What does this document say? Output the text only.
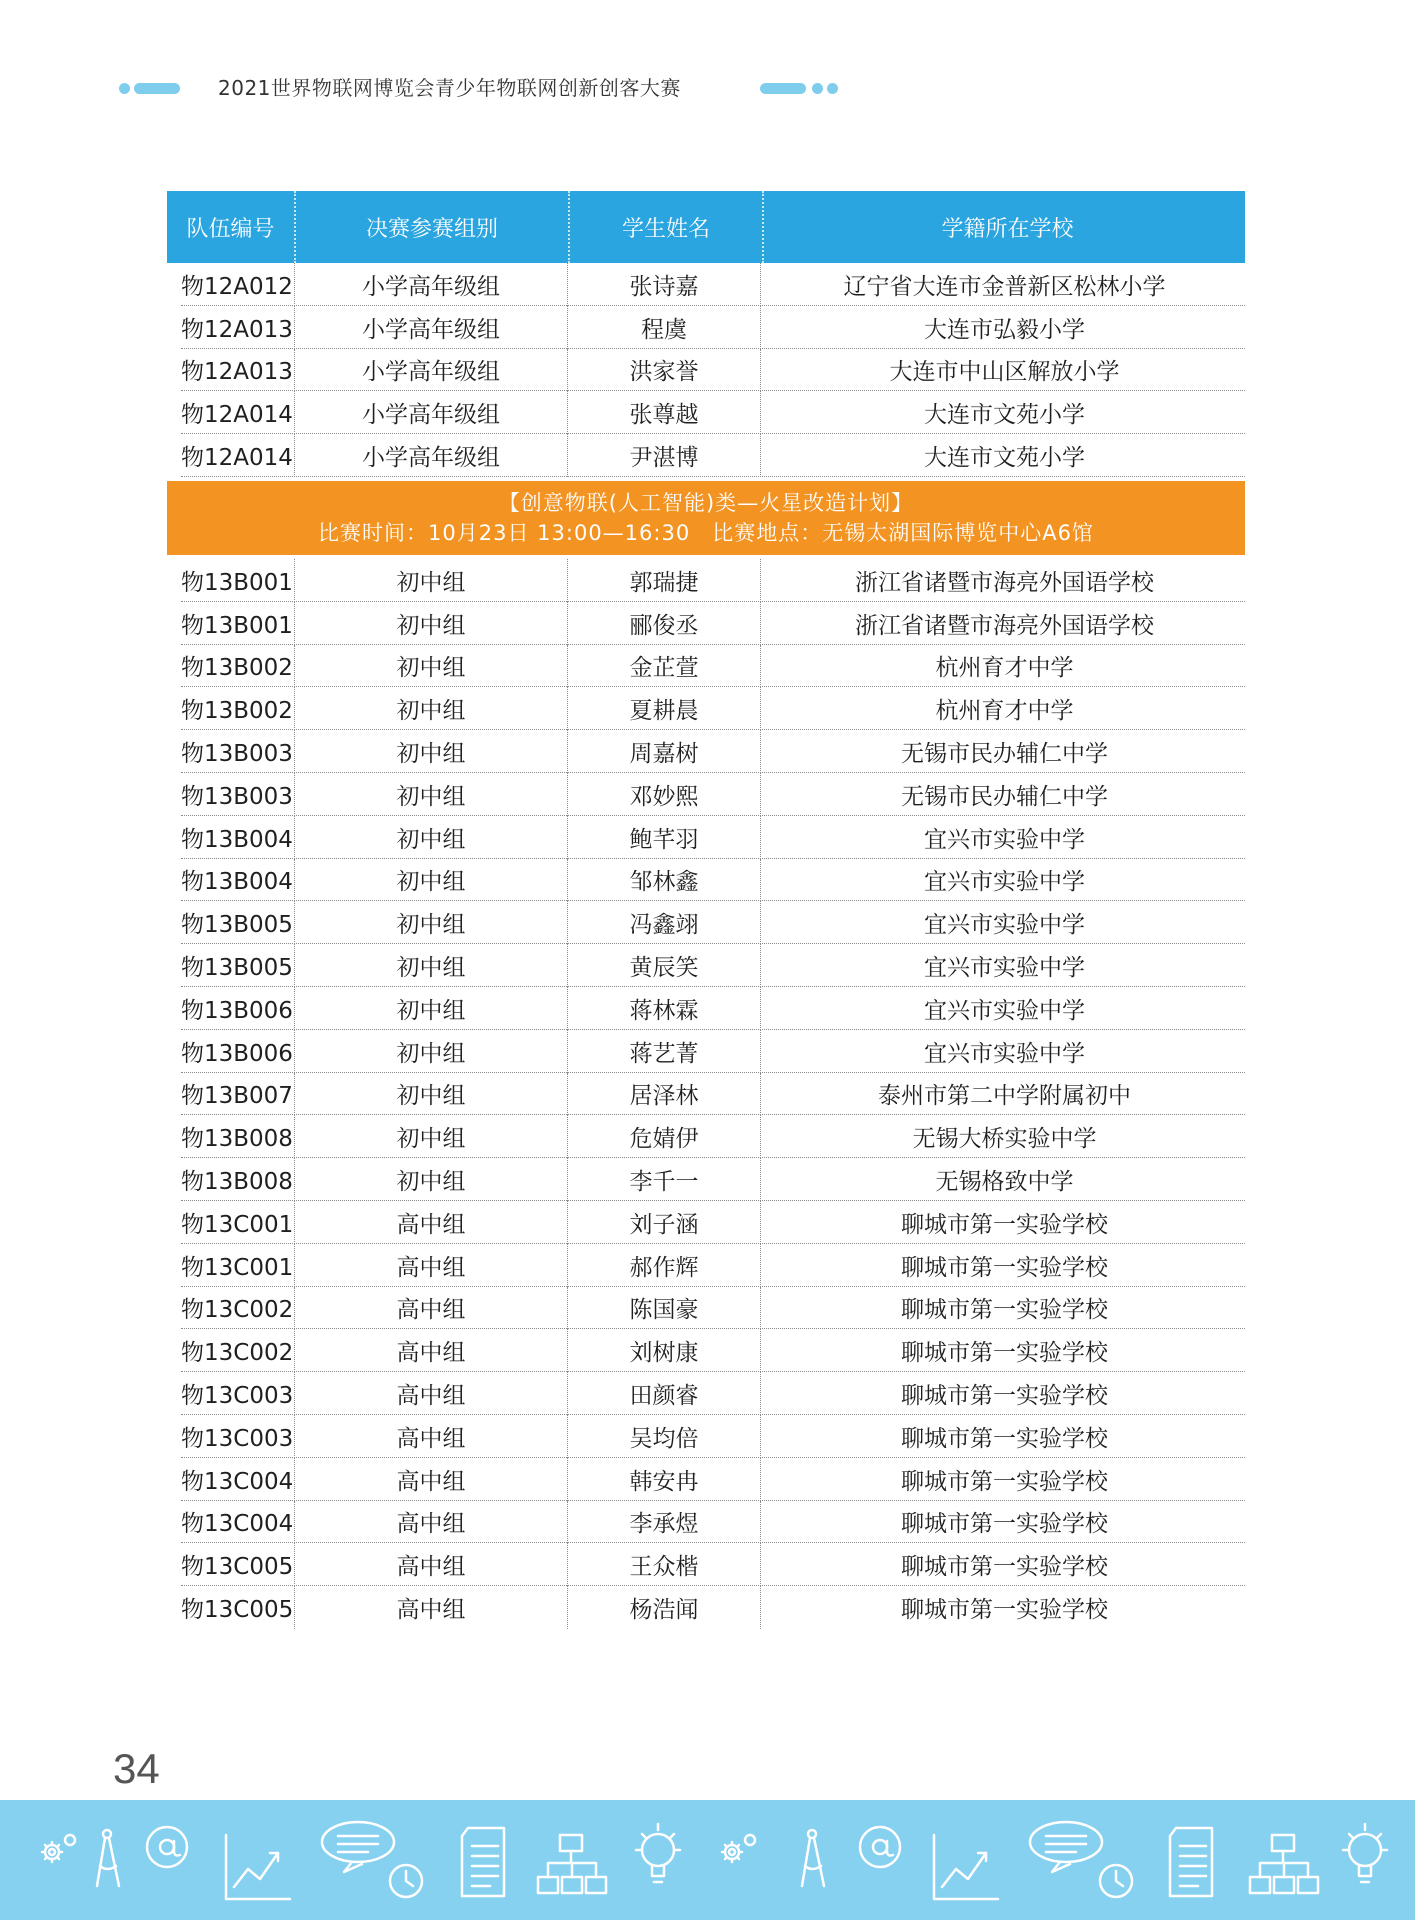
2021世界物联网博览会青少年物联网创新创客大赛
队伍编号	决赛参赛组别	学生姓名	学籍所在学校
物12A012	小学高年级组	张诗嘉	辽宁省大连市金普新区松林小学
物12A013	小学高年级组	程虞	大连市弘毅小学
物12A013	小学高年级组	洪家誉	大连市中山区解放小学
物12A014	小学高年级组	张尊越	大连市文苑小学
物12A014	小学高年级组	尹湛博	大连市文苑小学
【创意物联(人工智能)类—火星改造计划】
比赛时间：10月23日 13:00—16:30　比赛地点：无锡太湖国际博览中心A6馆
物13B001	初中组	郭瑞捷	浙江省诸暨市海亮外国语学校
物13B001	初中组	郦俊丞	浙江省诸暨市海亮外国语学校
物13B002	初中组	金芷萱	杭州育才中学
物13B002	初中组	夏耕晨	杭州育才中学
物13B003	初中组	周嘉树	无锡市民办辅仁中学
物13B003	初中组	邓妙熙	无锡市民办辅仁中学
物13B004	初中组	鲍芊羽	宜兴市实验中学
物13B004	初中组	邹林鑫	宜兴市实验中学
物13B005	初中组	冯鑫翊	宜兴市实验中学
物13B005	初中组	黄辰笑	宜兴市实验中学
物13B006	初中组	蒋林霖	宜兴市实验中学
物13B006	初中组	蒋艺菁	宜兴市实验中学
物13B007	初中组	居泽林	泰州市第二中学附属初中
物13B008	初中组	危婧伊	无锡大桥实验中学
物13B008	初中组	李千一	无锡格致中学
物13C001	高中组	刘子涵	聊城市第一实验学校
物13C001	高中组	郝作辉	聊城市第一实验学校
物13C002	高中组	陈国豪	聊城市第一实验学校
物13C002	高中组	刘树康	聊城市第一实验学校
物13C003	高中组	田颜睿	聊城市第一实验学校
物13C003	高中组	吴均倍	聊城市第一实验学校
物13C004	高中组	韩安冉	聊城市第一实验学校
物13C004	高中组	李承煜	聊城市第一实验学校
物13C005	高中组	王众楷	聊城市第一实验学校
物13C005	高中组	杨浩闻	聊城市第一实验学校
34
